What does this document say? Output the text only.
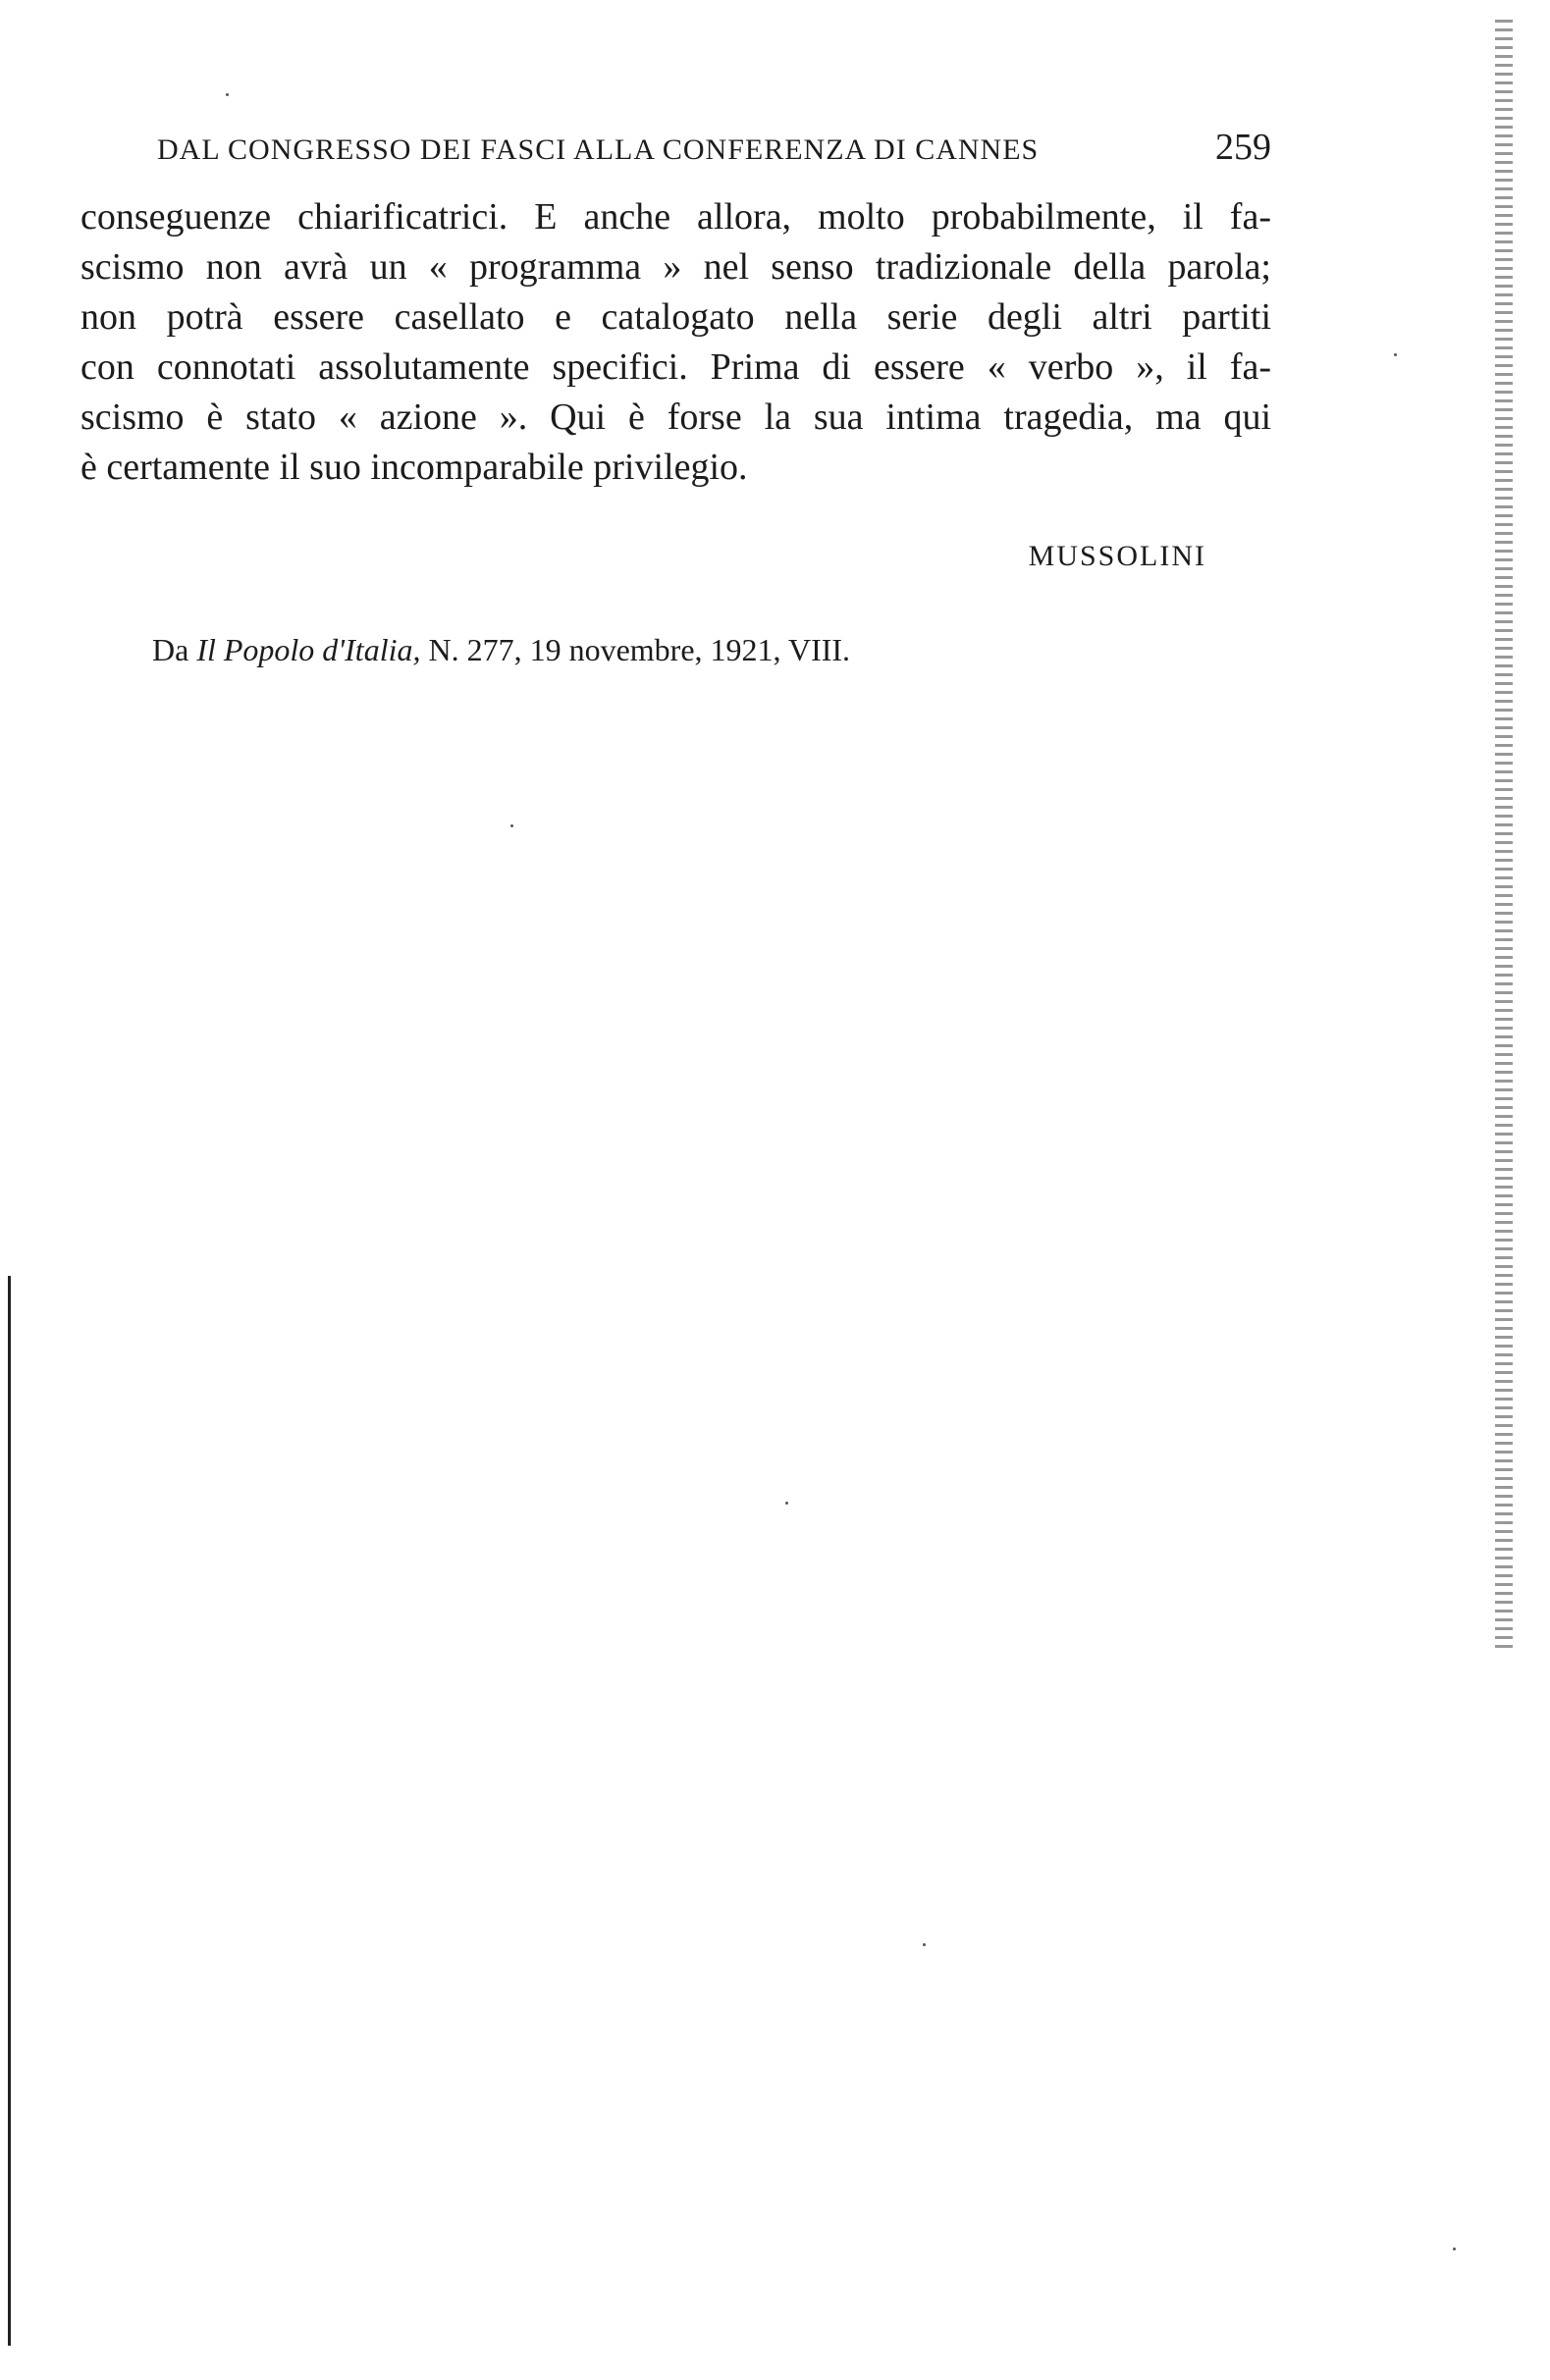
DAL CONGRESSO DEI FASCI ALLA CONFERENZA DI CANNES	259

conseguenze chiarificatrici. E anche allora, molto probabilmente, il fa-
scismo non avrà un « programma » nel senso tradizionale della parola;
non potrà essere casellato e catalogato nella serie degli altri partiti
con connotati assolutamente specifici. Prima di essere « verbo », il fa-
scismo è stato « azione ». Qui è forse la sua intima tragedia, ma qui
è certamente il suo incomparabile privilegio.

MUSSOLINI
Da Il Popolo d'Italia, N. 277, 19 novembre, 1921, VIII.
